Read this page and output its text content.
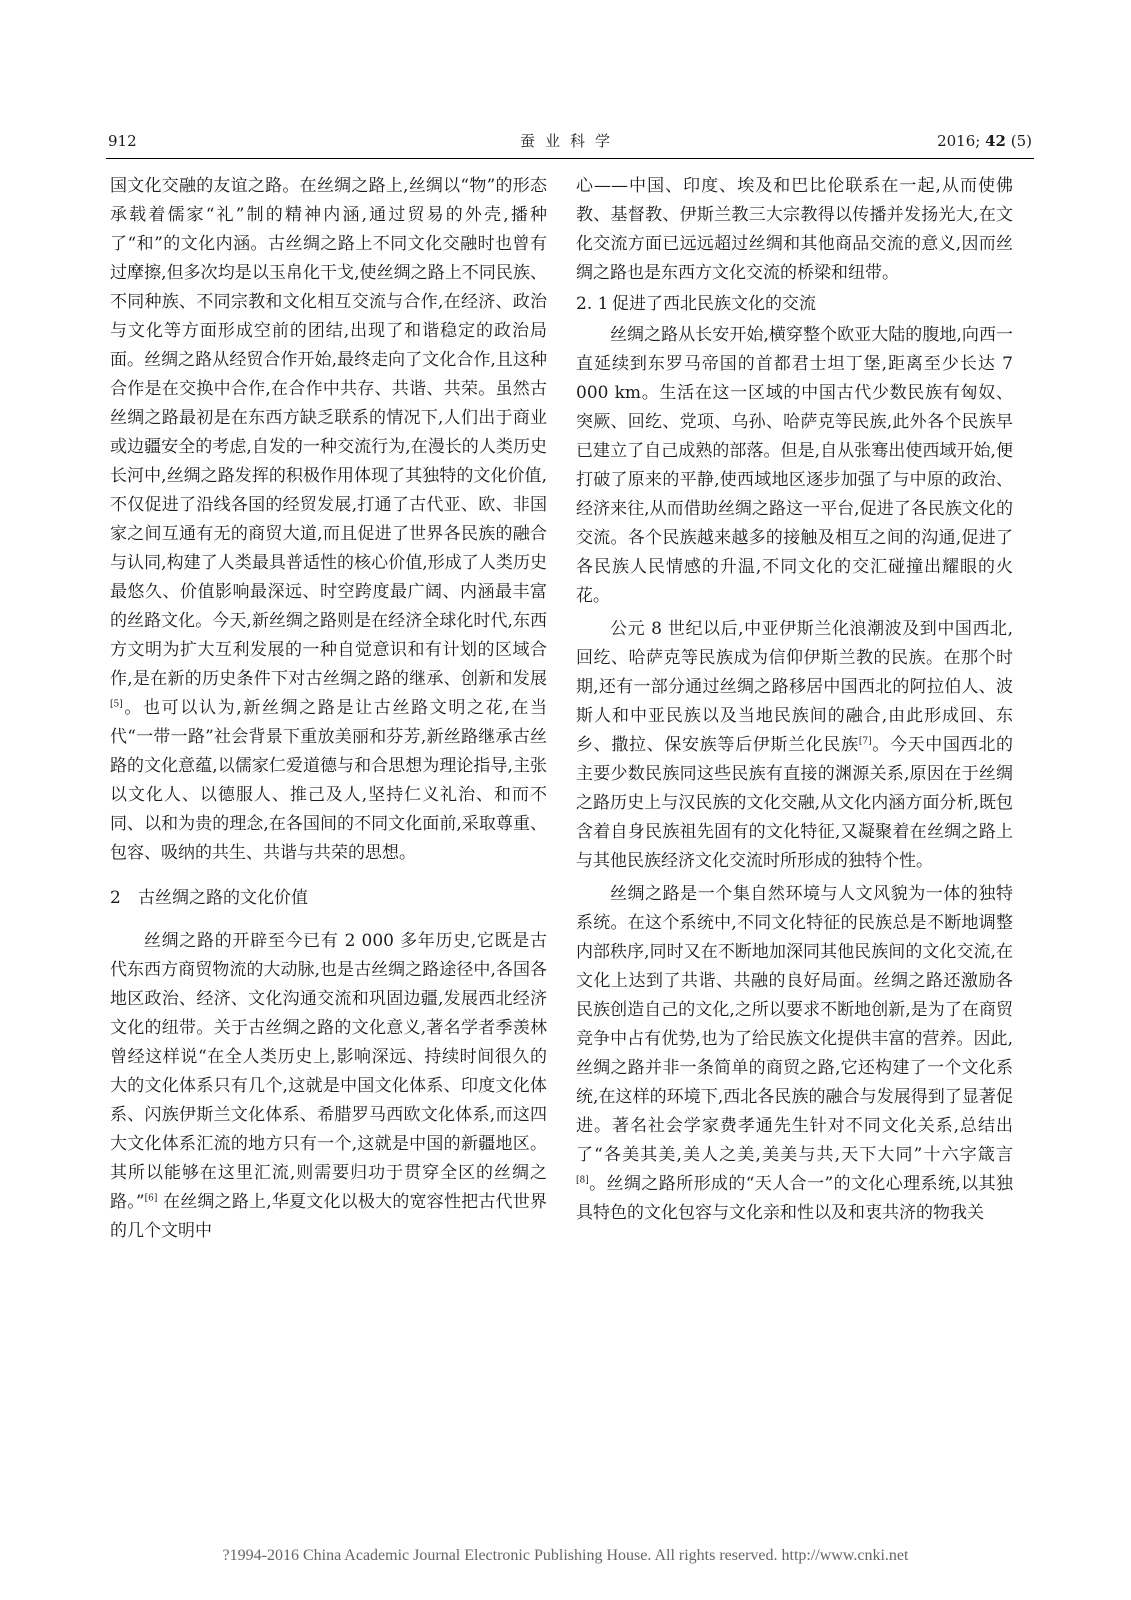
912	蚕业科学	2016; 42 (5)

国文化交融的友谊之路。在丝绸之路上,丝绸以“物”的形态承载着儒家“礼”制的精神内涵,通过贸易的外壳,播种了“和”的文化内涵。古丝绸之路上不同文化交融时也曾有过摩擦,但多次均是以玉帛化干戈,使丝绸之路上不同民族、不同种族、不同宗教和文化相互交流与合作,在经济、政治与文化等方面形成空前的团结,出现了和谐稳定的政治局面。丝绸之路从经贸合作开始,最终走向了文化合作,且这种合作是在交换中合作,在合作中共存、共谐、共荣。虽然古丝绸之路最初是在东西方缺乏联系的情况下,人们出于商业或边疆安全的考虑,自发的一种交流行为,在漫长的人类历史长河中,丝绸之路发挥的积极作用体现了其独特的文化价值,不仅促进了沿线各国的经贸发展,打通了古代亚、欧、非国家之间互通有无的商贸大道,而且促进了世界各民族的融合与认同,构建了人类最具普适性的核心价值,形成了人类历史最悠久、价值影响最深远、时空跨度最广阔、内涵最丰富的丝路文化。今天,新丝绸之路则是在经济全球化时代,东西方文明为扩大互利发展的一种自觉意识和有计划的区域合作,是在新的历史条件下对古丝绸之路的继承、创新和发展[5]。也可以认为,新丝绸之路是让古丝路文明之花,在当代“一带一路”社会背景下重放美丽和芬芳,新丝路继承古丝路的文化意蕴,以儒家仁爱道德与和合思想为理论指导,主张以文化人、以德服人、推己及人,坚持仁义礼治、和而不同、以和为贵的理念,在各国间的不同文化面前,采取尊重、包容、吸纳的共生、共谐与共荣的思想。

2 古丝绸之路的文化价值

丝绸之路的开辟至今已有 2 000 多年历史,它既是古代东西方商贸物流的大动脉,也是古丝绸之路途径中,各国各地区政治、经济、文化沟通交流和巩固边疆,发展西北经济文化的纽带。关于古丝绸之路的文化意义,著名学者季羡林曾经这样说“在全人类历史上,影响深远、持续时间很久的大的文化体系只有几个,这就是中国文化体系、印度文化体系、闪族伊斯兰文化体系、希腊罗马西欧文化体系,而这四大文化体系汇流的地方只有一个,这就是中国的新疆地区。其所以能够在这里汇流,则需要归功于贯穿全区的丝绸之路。”[6] 在丝绸之路上,华夏文化以极大的宽容性把古代世界的几个文明中

心——中国、印度、埃及和巴比伦联系在一起,从而使佛教、基督教、伊斯兰教三大宗教得以传播并发扬光大,在文化交流方面已远远超过丝绸和其他商品交流的意义,因而丝绸之路也是东西方文化交流的桥梁和纽带。

2. 1 促进了西北民族文化的交流

丝绸之路从长安开始,横穿整个欧亚大陆的腹地,向西一直延续到东罗马帝国的首都君士坦丁堡,距离至少长达 7 000 km。生活在这一区域的中国古代少数民族有匈奴、突厥、回纥、党项、乌孙、哈萨克等民族,此外各个民族早已建立了自己成熟的部落。但是,自从张骞出使西域开始,便打破了原来的平静,使西域地区逐步加强了与中原的政治、经济来往,从而借助丝绸之路这一平台,促进了各民族文化的交流。各个民族越来越多的接触及相互之间的沟通,促进了各民族人民情感的升温,不同文化的交汇碰撞出耀眼的火花。

公元 8 世纪以后,中亚伊斯兰化浪潮波及到中国西北,回纥、哈萨克等民族成为信仰伊斯兰教的民族。在那个时期,还有一部分通过丝绸之路移居中国西北的阿拉伯人、波斯人和中亚民族以及当地民族间的融合,由此形成回、东乡、撒拉、保安族等后伊斯兰化民族[7]。今天中国西北的主要少数民族同这些民族有直接的渊源关系,原因在于丝绸之路历史上与汉民族的文化交融,从文化内涵方面分析,既包含着自身民族祖先固有的文化特征,又凝聚着在丝绸之路上与其他民族经济文化交流时所形成的独特个性。

丝绸之路是一个集自然环境与人文风貌为一体的独特系统。在这个系统中,不同文化特征的民族总是不断地调整内部秩序,同时又在不断地加深同其他民族间的文化交流,在文化上达到了共谐、共融的良好局面。丝绸之路还激励各民族创造自己的文化,之所以要求不断地创新,是为了在商贸竞争中占有优势,也为了给民族文化提供丰富的营养。因此,丝绸之路并非一条简单的商贸之路,它还构建了一个文化系统,在这样的环境下,西北各民族的融合与发展得到了显著促进。著名社会学家费孝通先生针对不同文化关系,总结出了“各美其美,美人之美,美美与共,天下大同”十六字箴言[8]。丝绸之路所形成的“天人合一”的文化心理系统,以其独具特色的文化包容与文化亲和性以及和衷共济的物我关

?1994-2016 China Academic Journal Electronic Publishing House. All rights reserved. http://www.cnki.net
